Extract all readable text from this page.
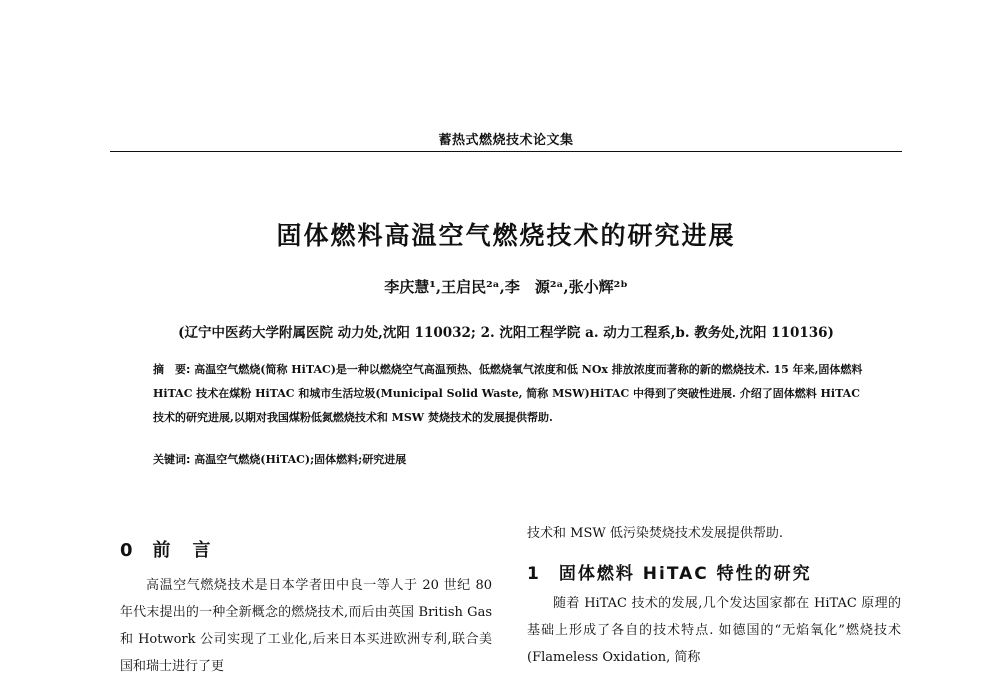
蓄热式燃烧技术论文集
固体燃料高温空气燃烧技术的研究进展
李庆慧¹,王启民²ᵃ,李　源²ᵃ,张小辉²ᵇ
(辽宁中医药大学附属医院 动力处,沈阳 110032; 2. 沈阳工程学院 a. 动力工程系,b. 教务处,沈阳 110136)
摘　要: 高温空气燃烧(简称 HiTAC)是一种以燃烧空气高温预热、低燃烧氧气浓度和低 NOx 排放浓度而著称的新的燃烧技术. 15 年来,固体燃料 HiTAC 技术在煤粉 HiTAC 和城市生活垃圾(Municipal Solid Waste, 简称 MSW)HiTAC 中得到了突破性进展. 介绍了固体燃料 HiTAC 技术的研究进展,以期对我国煤粉低氮燃烧技术和 MSW 焚烧技术的发展提供帮助.
关键词: 高温空气燃烧(HiTAC);固体燃料;研究进展
0 前　言

高温空气燃烧技术是日本学者田中良一等人于 20 世纪 80 年代末提出的一种全新概念的燃烧技术,而后由英国 British Gas 和 Hotwork 公司实现了工业化,后来日本买进欧洲专利,联合美国和瑞士进行了更

技术和 MSW 低污染焚烧技术发展提供帮助.

1 固体燃料 HiTAC 特性的研究

随着 HiTAC 技术的发展,几个发达国家都在 HiTAC 原理的基础上形成了各自的技术特点. 如德国的“无焰氧化”燃烧技术 (Flameless Oxidation, 简称
